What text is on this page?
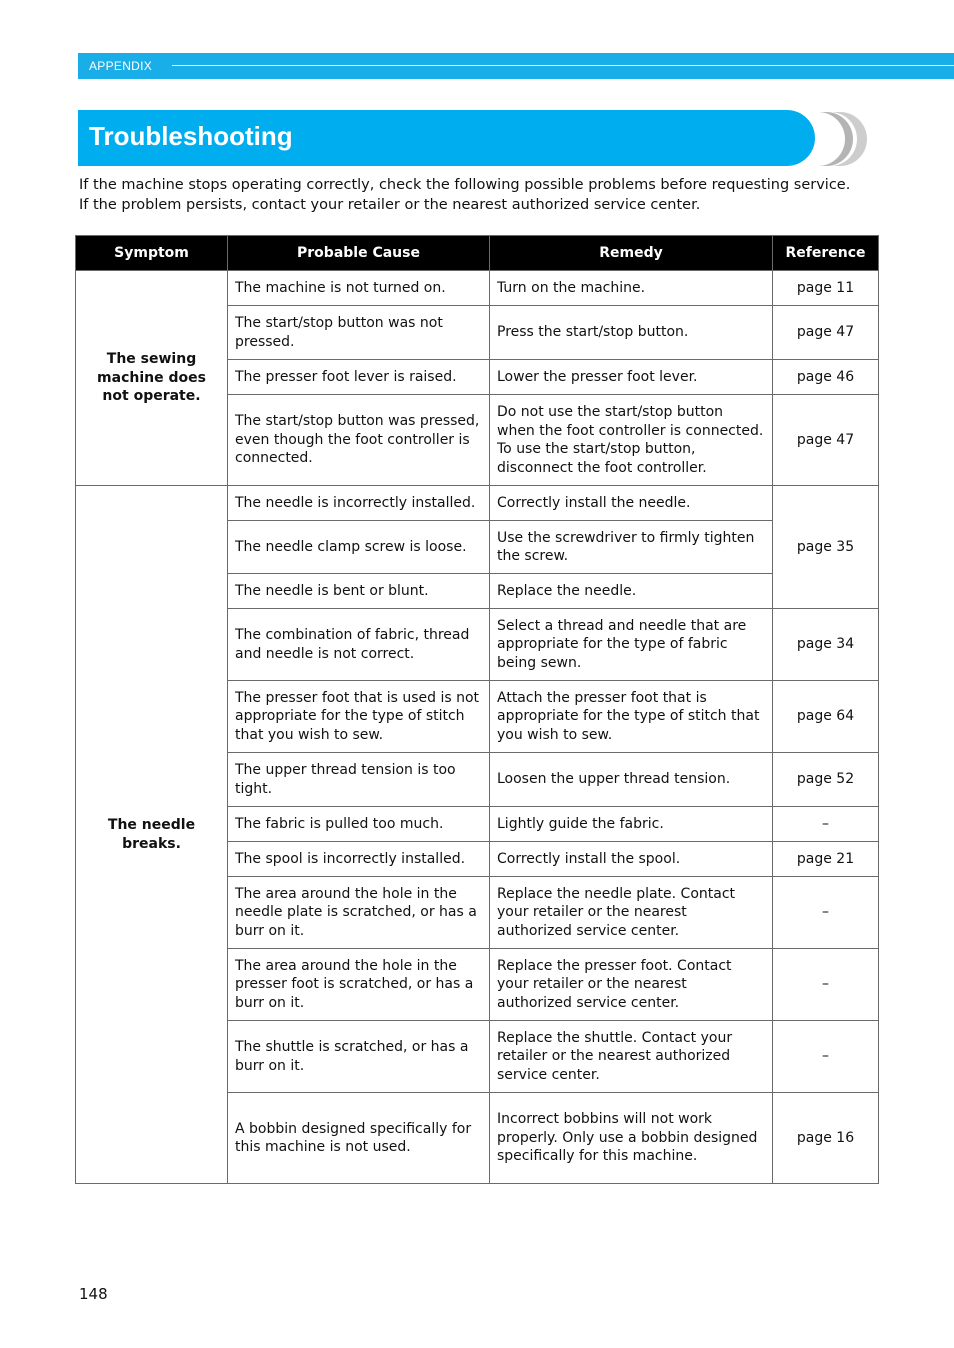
APPENDIX
Troubleshooting

If the machine stops operating correctly, check the following possible problems before requesting service.

If the problem persists, contact your retailer or the nearest authorized service center.

Symptom	Probable Cause	Remedy	Reference
The sewing machine does not operate.	The machine is not turned on.	Turn on the machine.	page 11
	The start/stop button was not pressed.	Press the start/stop button.	page 47
	The presser foot lever is raised.	Lower the presser foot lever.	page 46
	The start/stop button was pressed, even though the foot controller is connected.	Do not use the start/stop button when the foot controller is connected. To use the start/stop button, disconnect the foot controller.	page 47
The needle breaks.	The needle is incorrectly installed.	Correctly install the needle.	page 35
	The needle clamp screw is loose.	Use the screwdriver to firmly tighten the screw.	
	The needle is bent or blunt.	Replace the needle.	
	The combination of fabric, thread and needle is not correct.	Select a thread and needle that are appropriate for the type of fabric being sewn.	page 34
	The presser foot that is used is not appropriate for the type of stitch that you wish to sew.	Attach the presser foot that is appropriate for the type of stitch that you wish to sew.	page 64
	The upper thread tension is too tight.	Loosen the upper thread tension.	page 52
	The fabric is pulled too much.	Lightly guide the fabric.	–
	The spool is incorrectly installed.	Correctly install the spool.	page 21
	The area around the hole in the needle plate is scratched, or has a burr on it.	Replace the needle plate. Contact your retailer or the nearest authorized service center.	–
	The area around the hole in the presser foot is scratched, or has a burr on it.	Replace the presser foot. Contact your retailer or the nearest authorized service center.	–
	The shuttle is scratched, or has a burr on it.	Replace the shuttle. Contact your retailer or the nearest authorized service center.	–
	A bobbin designed specifically for this machine is not used.	Incorrect bobbins will not work properly. Only use a bobbin designed specifically for this machine.	page 16
148
